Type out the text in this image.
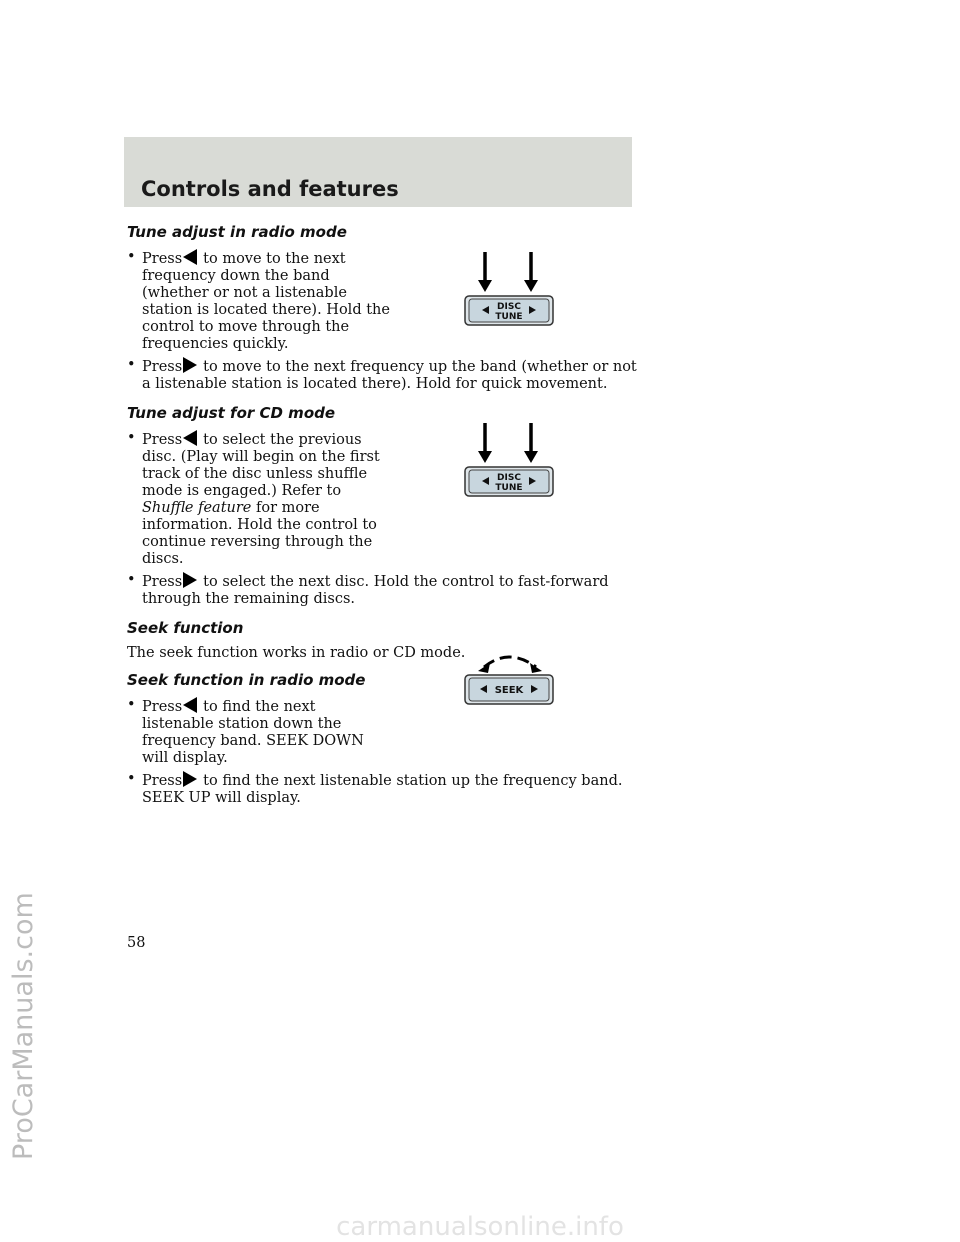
ProCarManuals.com
Controls and features
Tune adjust in radio mode
• Press to move to the next frequency down the band (whether or not a listenable station is located there). Hold the control to move through the frequencies quickly.
• Press to move to the next frequency up the band (whether or not a listenable station is located there). Hold for quick movement.
Tune adjust for CD mode
• Press to select the previous disc. (Play will begin on the first track of the disc unless shuffle mode is engaged.) Refer to Shuffle feature for more information. Hold the control to continue reversing through the discs.
• Press to select the next disc. Hold the control to fast-forward through the remaining discs.
Seek function

The seek function works in radio or CD mode.

Seek function in radio mode
• Press to find the next listenable station down the frequency band. SEEK DOWN will display.
• Press to find the next listenable station up the frequency band. SEEK UP will display.
DISC
TUNE
DISC
TUNE
SEEK
58
carmanualsonline.info
